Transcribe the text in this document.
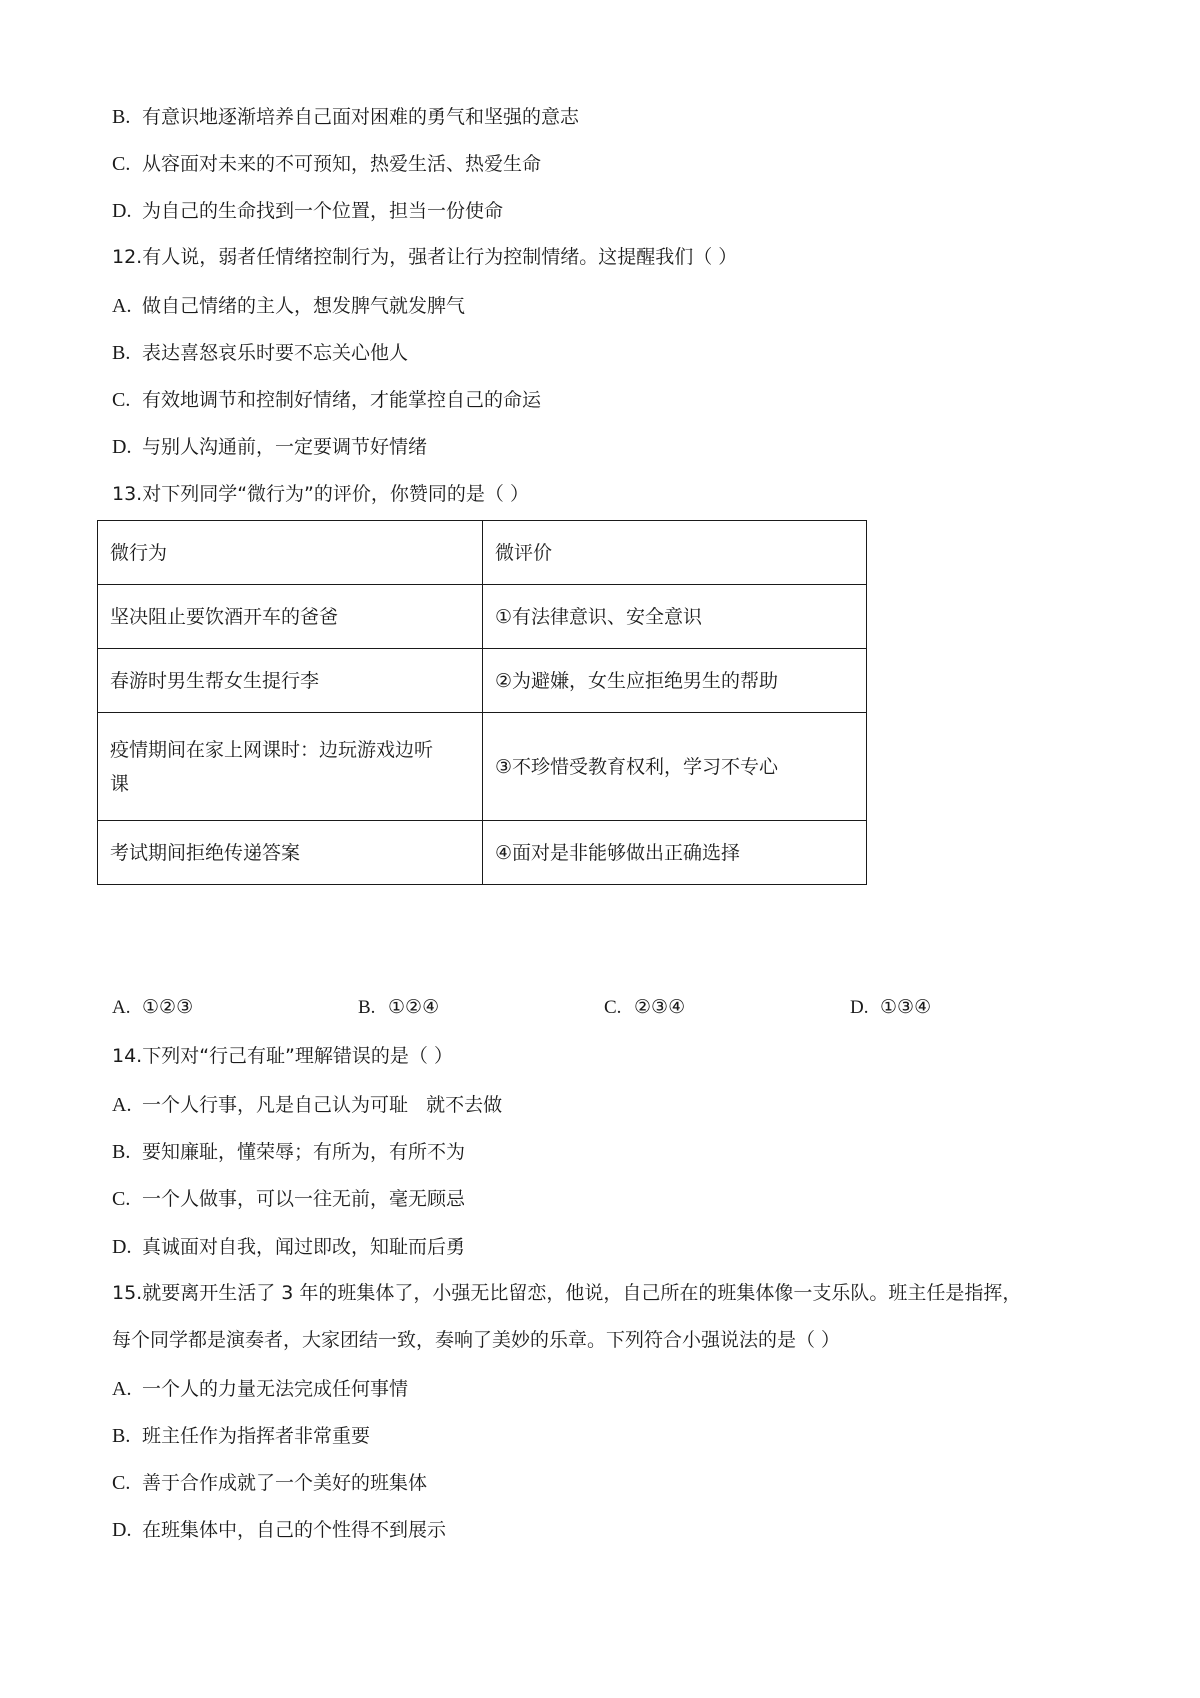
B. 有意识地逐渐培养自己面对困难的勇气和坚强的意志
C. 从容面对未来的不可预知，热爱生活、热爱生命
D. 为自己的生命找到一个位置，担当一份使命
12.有人说，弱者任情绪控制行为，强者让行为控制情绪。这提醒我们（ ）
A. 做自己情绪的主人，想发脾气就发脾气
B. 表达喜怒哀乐时要不忘关心他人
C. 有效地调节和控制好情绪，才能掌控自己的命运
D. 与别人沟通前，一定要调节好情绪
13.对下列同学“微行为”的评价，你赞同的是（ ）
微行为	微评价
坚决阻止要饮酒开车的爸爸	①有法律意识、安全意识
春游时男生帮女生提行李	②为避嫌，女生应拒绝男生的帮助

疫情期间在家上网课时：边玩游戏边听
课	③不珍惜受教育权利，学习不专心
考试期间拒绝传递答案	④面对是非能够做出正确选择
A. ①②③	B. ①②④	C. ②③④	D. ①③④
14.下列对“行己有耻”理解错误的是（ ）
A. 一个人行事，凡是自己认为可耻   就不去做
B. 要知廉耻，懂荣辱；有所为，有所不为
C. 一个人做事，可以一往无前，毫无顾忌
D. 真诚面对自我，闻过即改，知耻而后勇
15.就要离开生活了 3 年的班集体了，小强无比留恋，他说，自己所在的班集体像一支乐队。班主任是指挥，
每个同学都是演奏者，大家团结一致，奏响了美妙的乐章。下列符合小强说法的是（ ）
A. 一个人的力量无法完成任何事情
B. 班主任作为指挥者非常重要
C. 善于合作成就了一个美好的班集体
D. 在班集体中，自己的个性得不到展示
